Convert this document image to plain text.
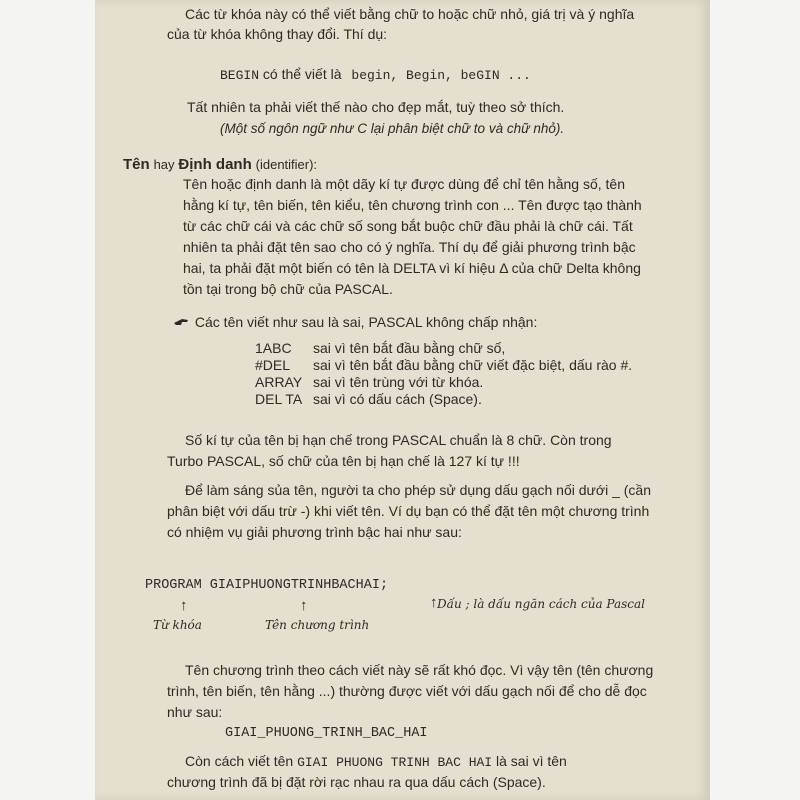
Các từ khóa này có thể viết bằng chữ to hoặc chữ nhỏ, giá trị và ý nghĩa
của từ khóa không thay đổi. Thí dụ:
BEGIN có thể viết là begin, Begin, beGIN ...
Tất nhiên ta phải viết thế nào cho đẹp mắt, tuỳ theo sở thích.
(Một số ngôn ngữ như C lại phân biệt chữ to và chữ nhỏ).
Tên hay Định danh (identifier):
Tên hoặc định danh là một dãy kí tự được dùng để chỉ tên hằng số, tên
hằng kí tự, tên biến, tên kiểu, tên chương trình con ... Tên được tạo thành
từ các chữ cái và các chữ số song bắt buộc chữ đầu phải là chữ cái. Tất
nhiên ta phải đặt tên sao cho có ý nghĩa. Thí dụ để giải phương trình bậc
hai, ta phải đặt một biến có tên là DELTA vì kí hiệu Δ của chữ Delta không
tồn tại trong bộ chữ của PASCAL.
Các tên viết như sau là sai, PASCAL không chấp nhận:
1ABC sai vì tên bắt đầu bằng chữ số,
#DEL sai vì tên bắt đầu bằng chữ viết đặc biệt, dấu rào #.
ARRAY sai vì tên trùng với từ khóa.
DEL TA sai vì có dấu cách (Space).
Số kí tự của tên bị hạn chế trong PASCAL chuẩn là 8 chữ. Còn trong
Turbo PASCAL, số chữ của tên bị hạn chế là 127 kí tự !!!
Để làm sáng sủa tên, người ta cho phép sử dụng dấu gạch nối dưới _ (cần
phân biệt với dấu trừ -) khi viết tên. Ví dụ bạn có thể đặt tên một chương trình
có nhiệm vụ giải phương trình bậc hai như sau:
PROGRAM GIAIPHUONGTRINHBACHAI;
↑	↑	↑ Dấu ; là dấu ngăn cách của Pascal
Từ khóa	Tên chương trình
Tên chương trình theo cách viết này sẽ rất khó đọc. Vì vậy tên (tên chương
trình, tên biến, tên hằng ...) thường được viết với dấu gạch nối để cho dễ đọc
như sau:
GIAI_PHUONG_TRINH_BAC_HAI
Còn cách viết tên GIAI PHUONG TRINH BAC HAI là sai vì tên
chương trình đã bị đặt rời rạc nhau ra qua dấu cách (Space).
